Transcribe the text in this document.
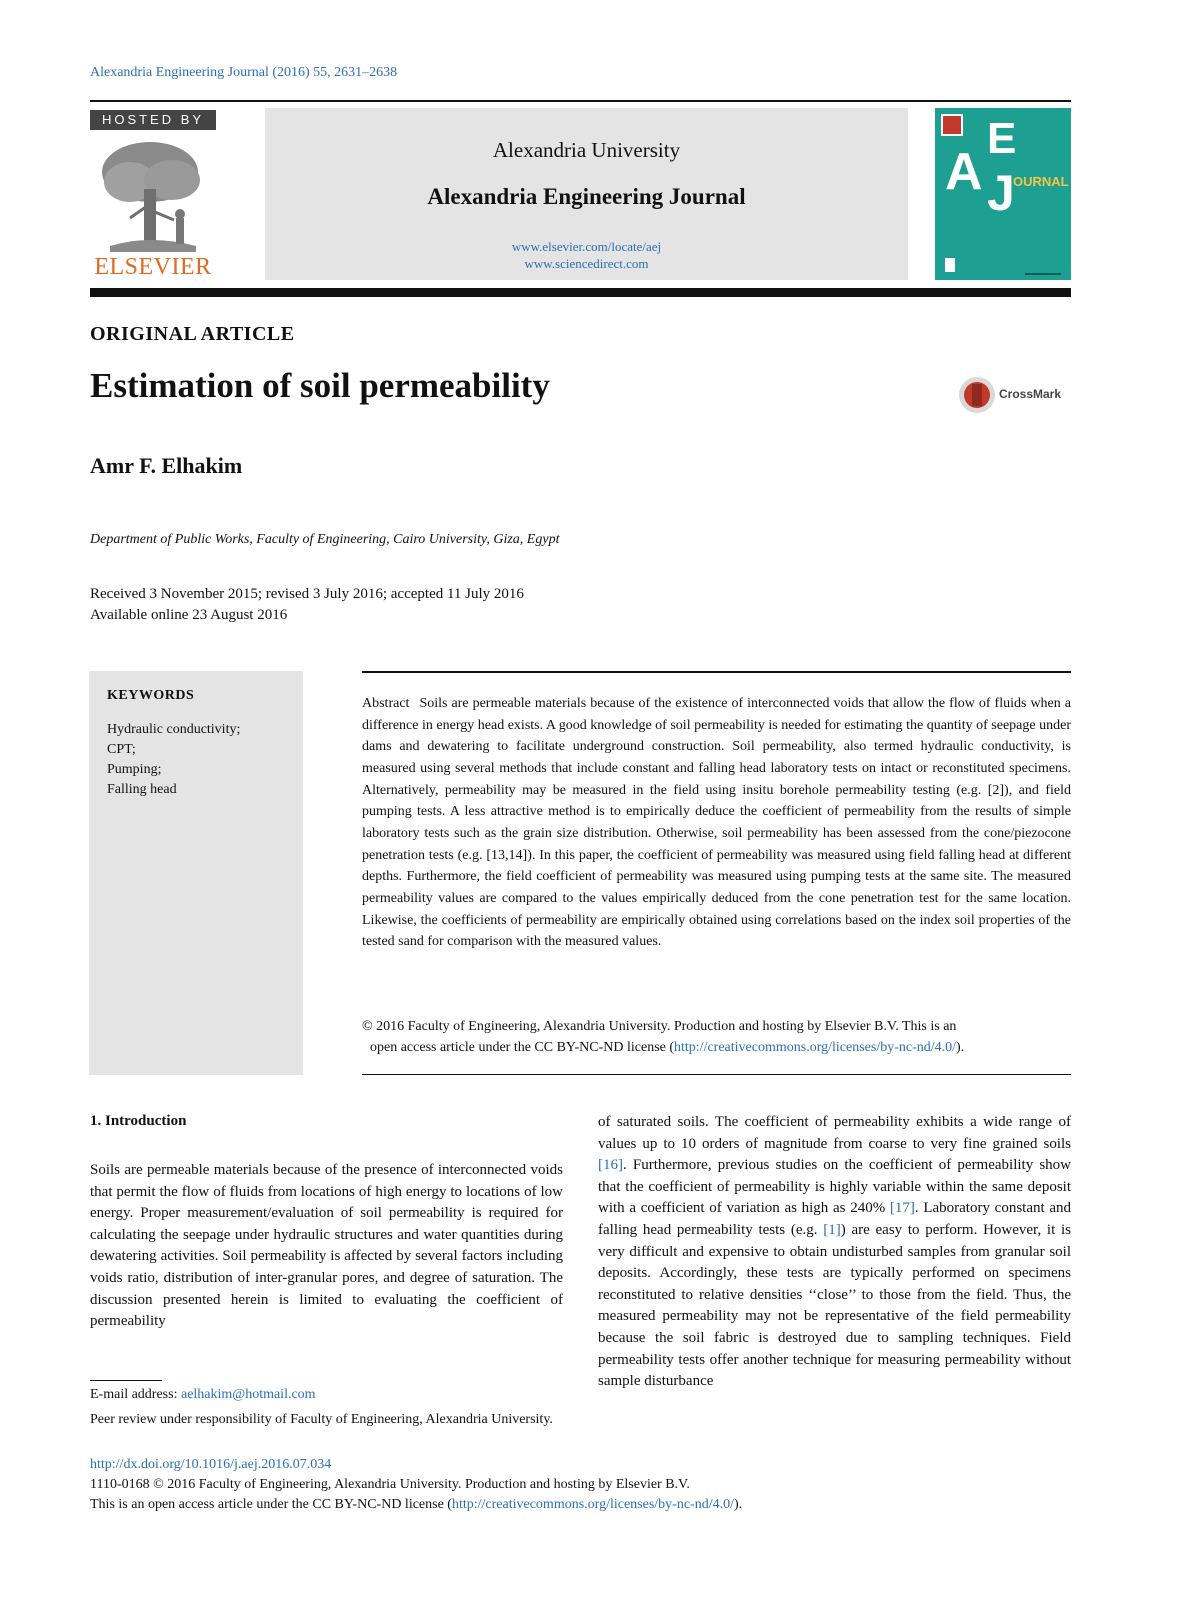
Alexandria Engineering Journal (2016) 55, 2631–2638
HOSTED BY
ELSEVIER
Alexandria University
Alexandria Engineering Journal
www.elsevier.com/locate/aej
www.sciencedirect.com
A
E
J
OURNAL
ORIGINAL ARTICLE
Estimation of soil permeability	CrossMark
Amr F. Elhakim
Department of Public Works, Faculty of Engineering, Cairo University, Giza, Egypt
Received 3 November 2015; revised 3 July 2016; accepted 11 July 2016
Available online 23 August 2016
KEYWORDS
Hydraulic conductivity;
CPT;
Pumping;
Falling head
Abstract Soils are permeable materials because of the existence of interconnected voids that allow the flow of fluids when a difference in energy head exists. A good knowledge of soil permeability is needed for estimating the quantity of seepage under dams and dewatering to facilitate underground construction. Soil permeability, also termed hydraulic conductivity, is measured using several methods that include constant and falling head laboratory tests on intact or reconstituted specimens. Alternatively, permeability may be measured in the field using insitu borehole permeability testing (e.g. [2]), and field pumping tests. A less attractive method is to empirically deduce the coefficient of permeability from the results of simple laboratory tests such as the grain size distribution. Otherwise, soil permeability has been assessed from the cone/piezocone penetration tests (e.g. [13,14]). In this paper, the coefficient of permeability was measured using field falling head at different depths. Furthermore, the field coefficient of permeability was measured using pumping tests at the same site. The measured permeability values are compared to the values empirically deduced from the cone penetration test for the same location. Likewise, the coefficients of permeability are empirically obtained using correlations based on the index soil properties of the tested sand for comparison with the measured values.
© 2016 Faculty of Engineering, Alexandria University. Production and hosting by Elsevier B.V. This is an
open access article under the CC BY-NC-ND license (http://creativecommons.org/licenses/by-nc-nd/4.0/).
1. Introduction
Soils are permeable materials because of the presence of interconnected voids that permit the flow of fluids from locations of high energy to locations of low energy. Proper measurement/evaluation of soil permeability is required for calculating the seepage under hydraulic structures and water quantities during dewatering activities. Soil permeability is affected by several factors including voids ratio, distribution of inter-granular pores, and degree of saturation. The discussion presented herein is limited to evaluating the coefficient of permeability
of saturated soils. The coefficient of permeability exhibits a wide range of values up to 10 orders of magnitude from coarse to very fine grained soils [16]. Furthermore, previous studies on the coefficient of permeability show that the coefficient of permeability is highly variable within the same deposit with a coefficient of variation as high as 240% [17]. Laboratory constant and falling head permeability tests (e.g. [1]) are easy to perform. However, it is very difficult and expensive to obtain undisturbed samples from granular soil deposits. Accordingly, these tests are typically performed on specimens reconstituted to relative densities ‘‘close’’ to those from the field. Thus, the measured permeability may not be representative of the field permeability because the soil fabric is destroyed due to sampling techniques. Field permeability tests offer another technique for measuring permeability without sample disturbance
E-mail address: aelhakim@hotmail.com
Peer review under responsibility of Faculty of Engineering, Alexandria University.
http://dx.doi.org/10.1016/j.aej.2016.07.034
1110-0168 © 2016 Faculty of Engineering, Alexandria University. Production and hosting by Elsevier B.V.
This is an open access article under the CC BY-NC-ND license (http://creativecommons.org/licenses/by-nc-nd/4.0/).
